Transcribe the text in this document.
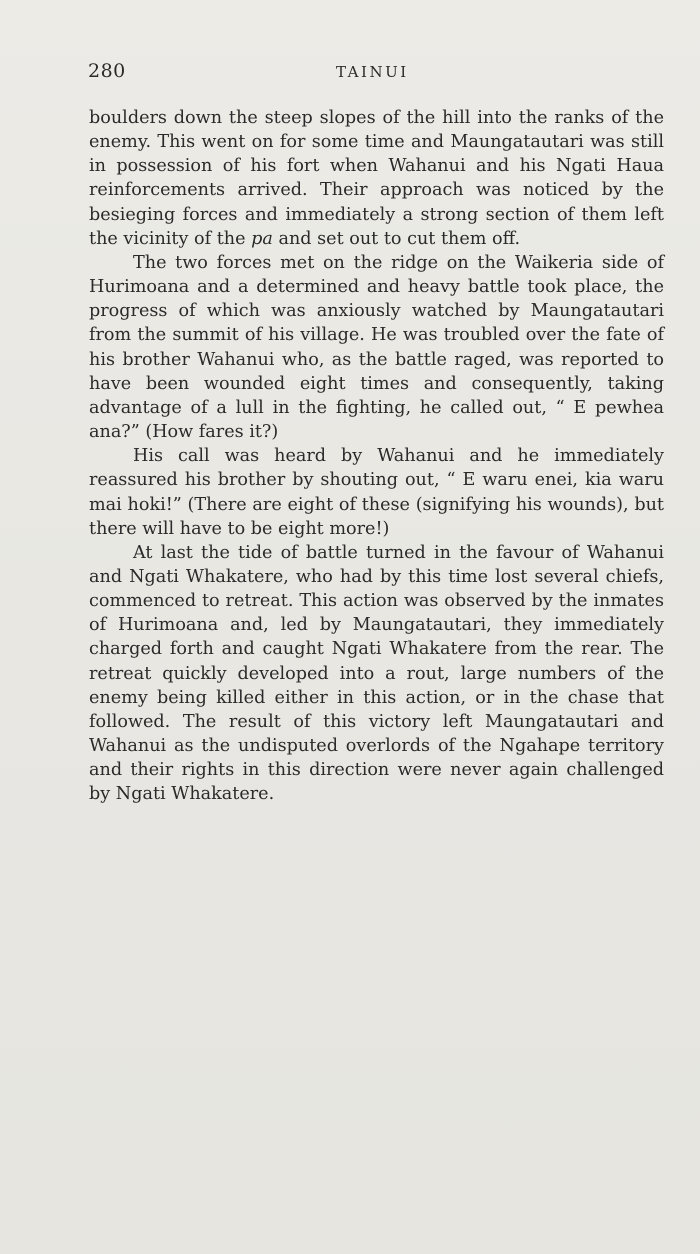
280	TAINUI

boulders down the steep slopes of the hill into the ranks of the enemy. This went on for some time and Maungatautari was still in possession of his fort when Wahanui and his Ngati Haua reinforcements arrived. Their approach was noticed by the besieging forces and immediately a strong section of them left the vicinity of the pa and set out to cut them off.

The two forces met on the ridge on the Waikeria side of Hurimoana and a determined and heavy battle took place, the progress of which was anxiously watched by Maungatautari from the summit of his village. He was troubled over the fate of his brother Wahanui who, as the battle raged, was reported to have been wounded eight times and consequently, taking advantage of a lull in the fighting, he called out, “ E pewhea ana?” (How fares it?)

His call was heard by Wahanui and he immediately reassured his brother by shouting out, “ E waru enei, kia waru mai hoki!” (There are eight of these (signifying his wounds), but there will have to be eight more!)

At last the tide of battle turned in the favour of Wahanui and Ngati Whakatere, who had by this time lost several chiefs, commenced to retreat. This action was observed by the inmates of Hurimoana and, led by Maungatautari, they immediately charged forth and caught Ngati Whakatere from the rear. The retreat quickly developed into a rout, large numbers of the enemy being killed either in this action, or in the chase that followed. The result of this victory left Maungatautari and Wahanui as the undisputed overlords of the Ngahape territory and their rights in this direction were never again challenged by Ngati Whakatere.
